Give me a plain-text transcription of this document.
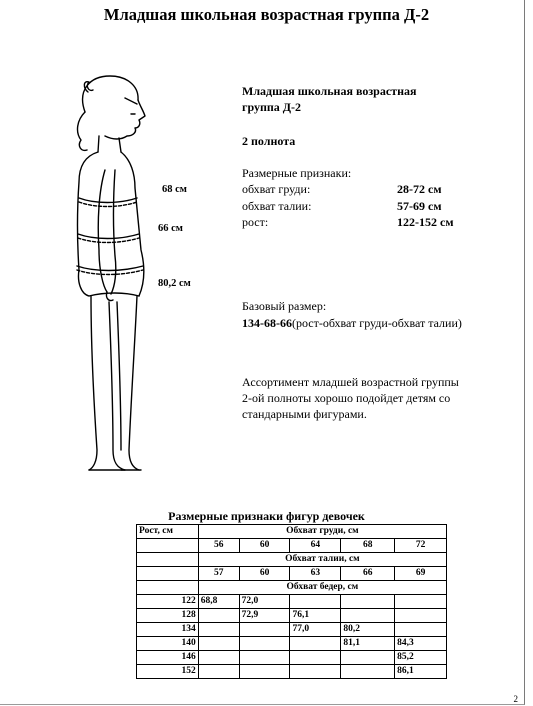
Младшая школьная возрастная группа Д-2
68 см
66 см
80,2 см
Младшая школьная возрастная
группа Д-2
2 полнота
Размерные признаки:
обхват груди:	28-72 см
обхват талии:	57-69 см
рост:	122-152 см
Базовый размер:
134-68-66(рост-обхват груди-обхват талии)
Ассортимент младшей возрастной группы
2-ой полноты хорошо подойдет детям со
стандарными фигурами.
Размерные признаки фигур девочек
Рост, см	Обхват груди, см				
	56	60	64	68	72
	Обхват талии, см				
	57	60	63	66	69
	Обхват бедер, см				
122	68,8	72,0			
128		72,9	76,1		
134			77,0	80,2	
140				81,1	84,3
146					85,2
152					86,1
2
